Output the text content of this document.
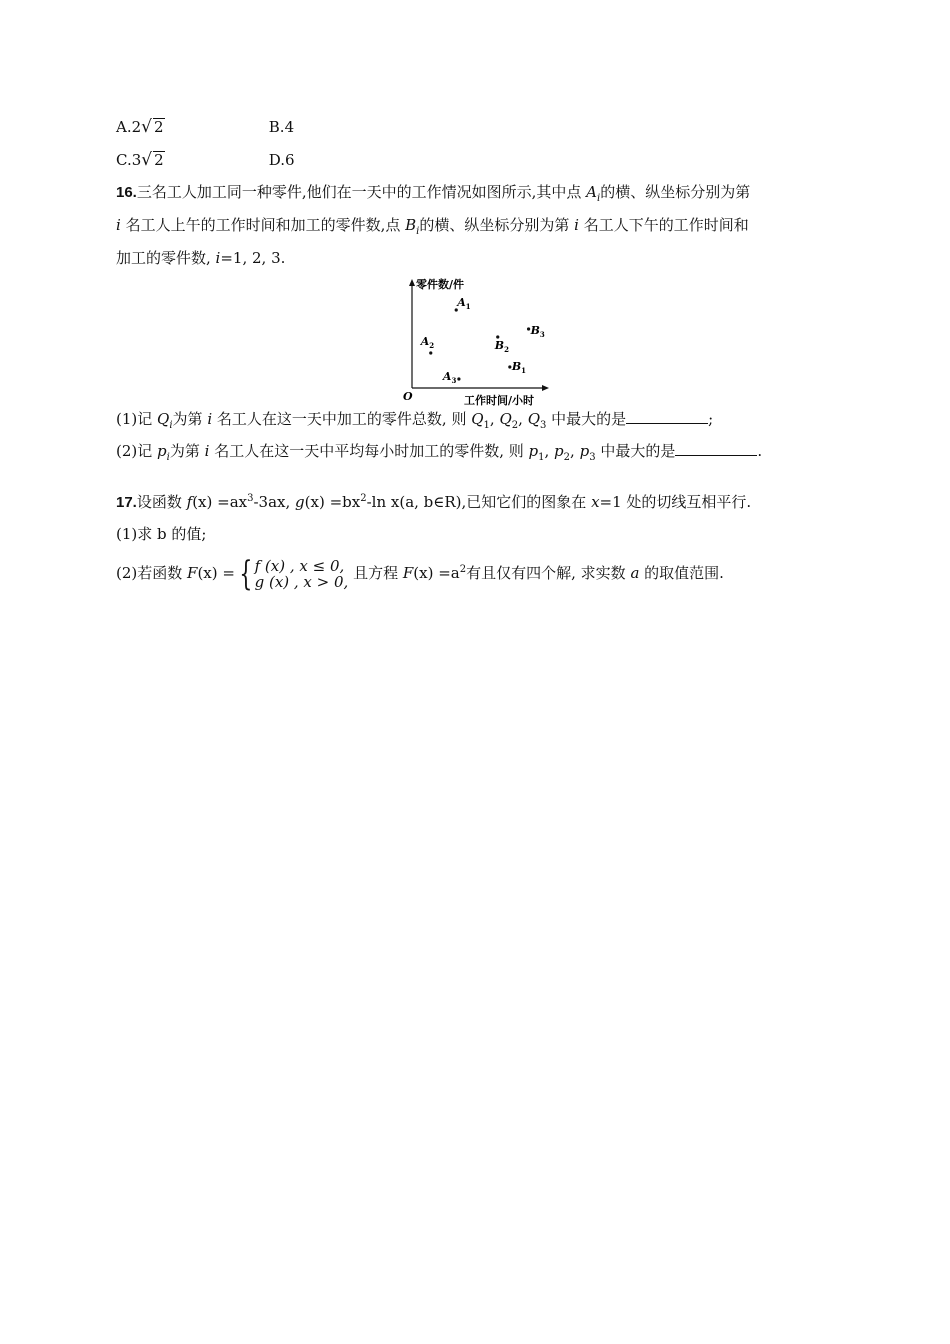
A.2√ 2	B.4
C.3√ 2	D.6
16.三名工人加工同一种零件,他们在一天中的工作情况如图所示,其中点 $A_i$的横、纵坐标分别为第
i 名工人上午的工作时间和加工的零件数,点 $B_i$的横、纵坐标分别为第 i 名工人下午的工作时间和
加工的零件数, i=1, 2, 3.
零件数/件
工作时间/小时
O
$A_1$
$A_2$
$A_3$
$B_1$
$B_2$
$B_3$
(1)记 $Q_i$为第 i 名工人在这一天中加工的零件总数, 则 $Q_1$, $Q_2$, $Q_3$ 中最大的是	;
(2)记 $p_i$为第 i 名工人在这一天中平均每小时加工的零件数, 则 $p_1$, $p_2$, $p_3$ 中最大的是	.
17.设函数 $f(x) =ax^3-3ax$, $g(x) =bx^2-\ln$ x(a, b∈R),已知它们的图象在 x=1 处的切线互相平行.
(1)求 b 的值;
(2)若函数 F(x) = { f (x) , x ≤ 0,
g (x) , x > 0, 且方程 $F(x) =a^2$有且仅有四个解, 求实数 a 的取值范围.
